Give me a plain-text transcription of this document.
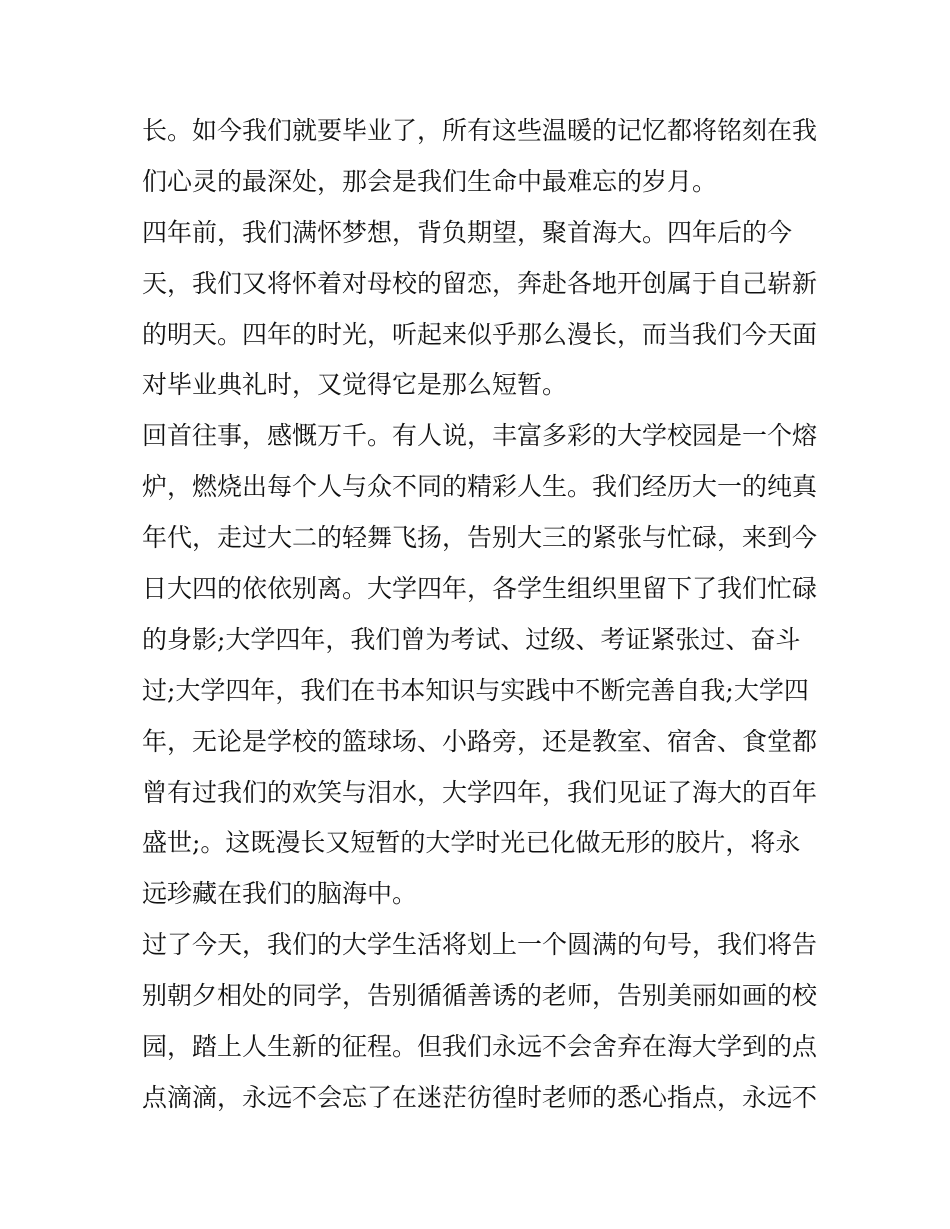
长。如今我们就要毕业了，所有这些温暖的记忆都将铭刻在我
们心灵的最深处，那会是我们生命中最难忘的岁月。
四年前，我们满怀梦想，背负期望，聚首海大。四年后的今
天，我们又将怀着对母校的留恋，奔赴各地开创属于自己崭新
的明天。四年的时光，听起来似乎那么漫长，而当我们今天面
对毕业典礼时，又觉得它是那么短暂。
回首往事，感慨万千。有人说，丰富多彩的大学校园是一个熔
炉，燃烧出每个人与众不同的精彩人生。我们经历大一的纯真
年代，走过大二的轻舞飞扬，告别大三的紧张与忙碌，来到今
日大四的依依别离。大学四年，各学生组织里留下了我们忙碌
的身影;大学四年，我们曾为考试、过级、考证紧张过、奋斗
过;大学四年，我们在书本知识与实践中不断完善自我;大学四
年，无论是学校的篮球场、小路旁，还是教室、宿舍、食堂都
曾有过我们的欢笑与泪水，大学四年，我们见证了海大的百年
盛世;。这既漫长又短暂的大学时光已化做无形的胶片，将永
远珍藏在我们的脑海中。
过了今天，我们的大学生活将划上一个圆满的句号，我们将告
别朝夕相处的同学，告别循循善诱的老师，告别美丽如画的校
园，踏上人生新的征程。但我们永远不会舍弃在海大学到的点
点滴滴，永远不会忘了在迷茫彷徨时老师的悉心指点，永远不
